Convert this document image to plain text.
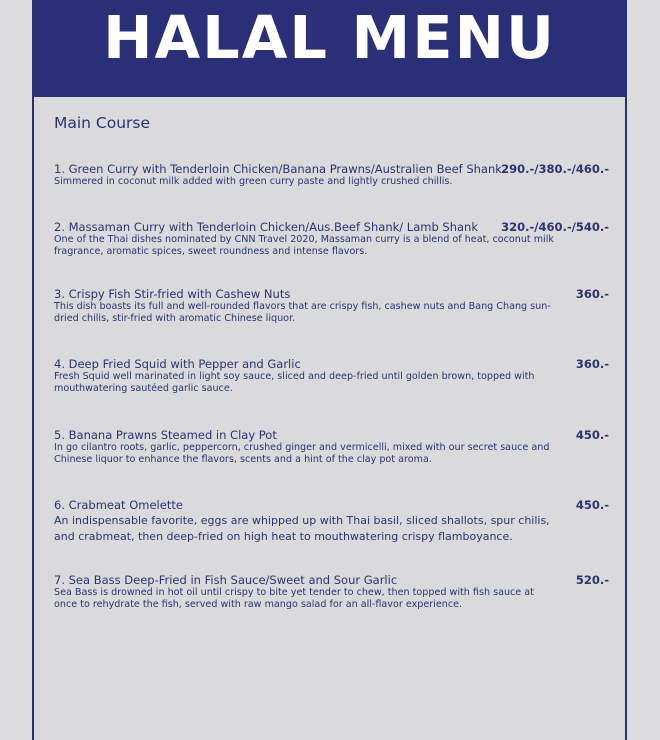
HALAL MENU
Main Course
1. Green Curry with Tenderloin Chicken/Banana Prawns/Australien Beef Shank 290.-/380.-/460.-
Simmered in coconut milk added with green curry paste and lightly crushed chillis.
2. Massaman Curry with Tenderloin Chicken/Aus.Beef Shank/ Lamb Shank	320.-/460.-/540.-
One of the Thai dishes nominated by CNN Travel 2020, Massaman curry is a blend of heat, coconut milk fragrance, aromatic spices, sweet roundness and intense flavors.
3. Crispy Fish Stir-fried with Cashew Nuts	360.-
This dish boasts its full and well-rounded flavors that are crispy fish, cashew nuts and Bang Chang sun-dried chilis, stir-fried with aromatic Chinese liquor.
4. Deep Fried Squid with Pepper and Garlic	360.-
Fresh Squid well marinated in light soy sauce, sliced and deep-fried until golden brown, topped with mouthwatering sautéed garlic sauce.
5. Banana Prawns Steamed in Clay Pot	450.-
In go cilantro roots, garlic, peppercorn, crushed ginger and vermicelli, mixed with our secret sauce and Chinese liquor to enhance the flavors, scents and a hint of the clay pot aroma.
6. Crabmeat Omelette	450.-
An indispensable favorite, eggs are whipped up with Thai basil, sliced shallots, spur chilis, and crabmeat, then deep-fried on high heat to mouthwatering crispy flamboyance.
7. Sea Bass Deep-Fried in Fish Sauce/Sweet and Sour Garlic	520.-
Sea Bass is drowned in hot oil until crispy to bite yet tender to chew, then topped with fish sauce at once to rehydrate the fish, served with raw mango salad for an all-flavor experience.
